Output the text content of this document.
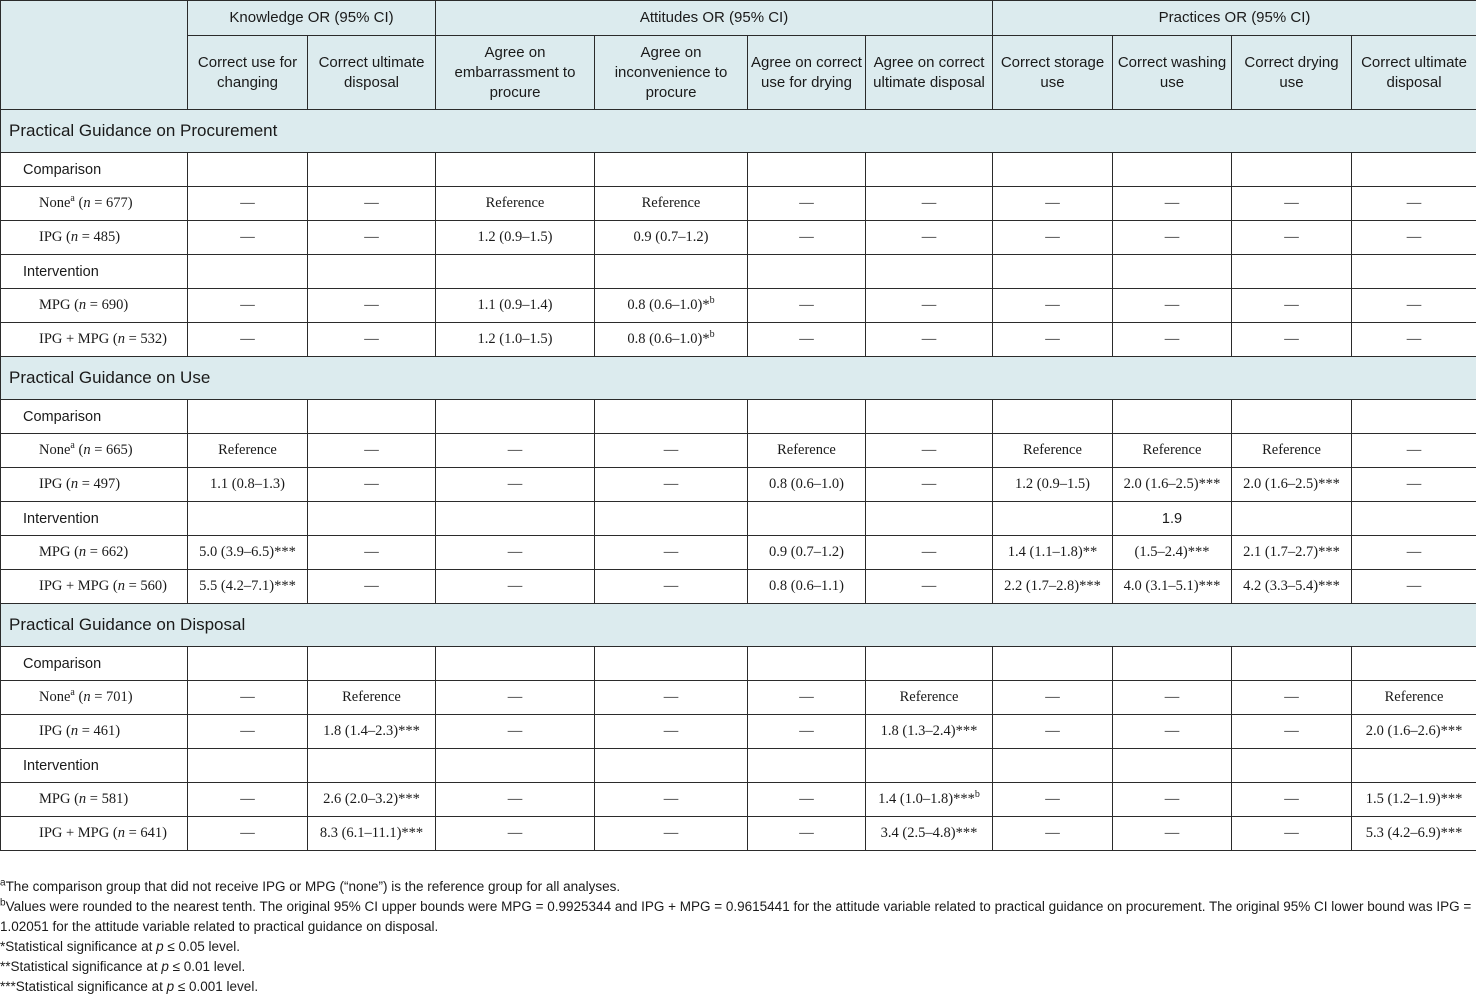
	Knowledge OR (95% CI)		Attitudes OR (95% CI)				Practices OR (95% CI)			
	Correct use for changing	Correct ultimate disposal	Agree on embarrassment to procure	Agree on inconvenience to procure	Agree on correct use for drying	Agree on correct ultimate disposal	Correct storage use	Correct washing use	Correct drying use	Correct ultimate disposal
Practical Guidance on Procurement										
Comparison										
None$^a$ (n = 677)	—	—	Reference	Reference	—	—	—	—	—	—
IPG (n = 485)	—	—	1.2 (0.9–1.5)	0.9 (0.7–1.2)	—	—	—	—	—	—
Intervention										
MPG (n = 690)	—	—	1.1 (0.9–1.4)	0.8 (0.6–1.0)*$^b$	—	—	—	—	—	—
IPG + MPG (n = 532)	—	—	1.2 (1.0–1.5)	0.8 (0.6–1.0)*$^b$	—	—	—	—	—	—
Practical Guidance on Use										
Comparison										
None$^a$ (n = 665)	Reference	—	—	—	Reference	—	Reference	Reference	Reference	—
IPG (n = 497)	1.1 (0.8–1.3)	—	—	—	0.8 (0.6–1.0)	—	1.2 (0.9–1.5)	2.0 (1.6–2.5)***	2.0 (1.6–2.5)***	—
Intervention								1.9		
MPG (n = 662)	5.0 (3.9–6.5)***	—	—	—	0.9 (0.7–1.2)	—	1.4 (1.1–1.8)**	(1.5–2.4)***	2.1 (1.7–2.7)***	—
IPG + MPG (n = 560)	5.5 (4.2–7.1)***	—	—	—	0.8 (0.6–1.1)	—	2.2 (1.7–2.8)***	4.0 (3.1–5.1)***	4.2 (3.3–5.4)***	—
Practical Guidance on Disposal										
Comparison										
None$^a$ (n = 701)	—	Reference	—	—	—	Reference	—	—	—	Reference
IPG (n = 461)	—	1.8 (1.4–2.3)***	—	—	—	1.8 (1.3–2.4)***	—	—	—	2.0 (1.6–2.6)***
Intervention										
MPG (n = 581)	—	2.6 (2.0–3.2)***	—	—	—	1.4 (1.0–1.8)***$^b$	—	—	—	1.5 (1.2–1.9)***
IPG + MPG (n = 641)	—	8.3 (6.1–11.1)***	—	—	—	3.4 (2.5–4.8)***	—	—	—	5.3 (4.2–6.9)***

$^a$The comparison group that did not receive IPG or MPG (“none”) is the reference group for all analyses.

$^b$Values were rounded to the nearest tenth. The original 95% CI upper bounds were MPG = 0.9925344 and IPG + MPG = 0.9615441 for the attitude variable related to practical guidance on procurement. The original 95% CI lower bound was IPG = 1.02051 for the attitude variable related to practical guidance on disposal.

*Statistical significance at p ≤ 0.05 level.

**Statistical significance at p ≤ 0.01 level.

***Statistical significance at p ≤ 0.001 level.
